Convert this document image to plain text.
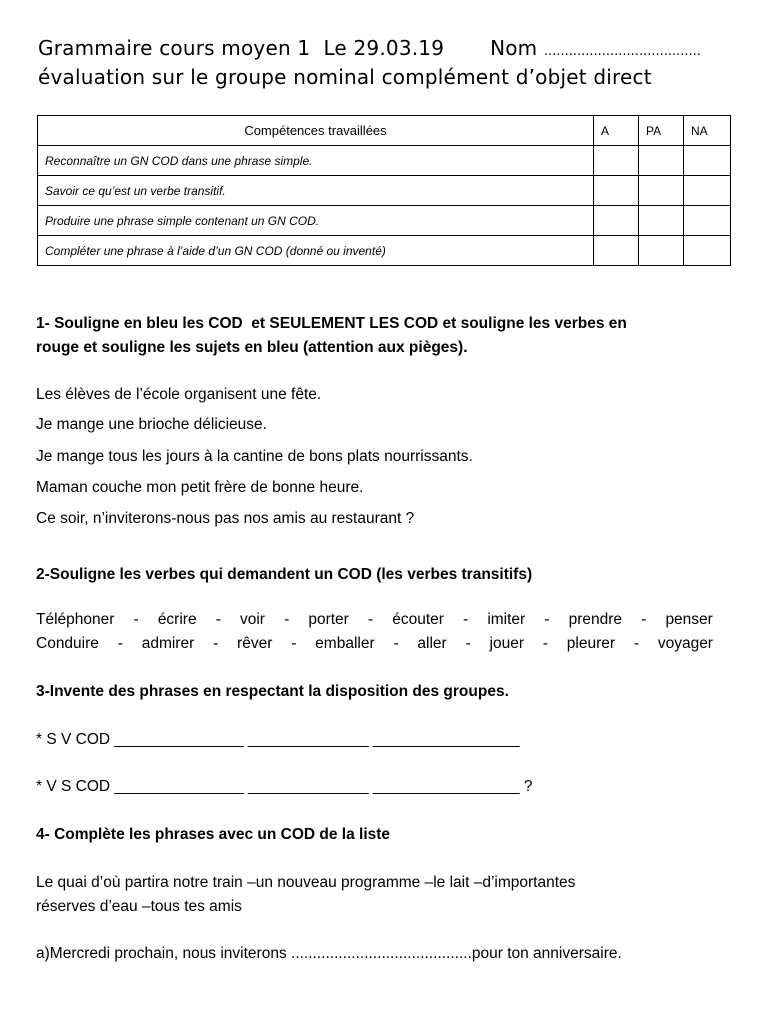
Grammaire cours moyen 1  Le 29.03.19 Nom ......................................
évaluation sur le groupe nominal complément d’objet direct
Compétences travaillées	A	PA	NA
Reconnaître un GN COD dans une phrase simple.			
Savoir ce qu’est un verbe transitif.			
Produire une phrase simple contenant un GN COD.			
Compléter une phrase à l’aide d’un GN COD (donné ou inventé)			
1- Souligne en bleu les COD  et SEULEMENT LES COD et souligne les verbes en
rouge et souligne les sujets en bleu (attention aux pièges).
Les élèves de l’école organisent une fête.
Je mange une brioche délicieuse.
Je mange tous les jours à la cantine de bons plats nourrissants.
Maman couche mon petit frère de bonne heure.
Ce soir, n’inviterons-nous pas nos amis au restaurant ?
2-Souligne les verbes qui demandent un COD (les verbes transitifs)
Téléphoner - écrire - voir - porter - écouter - imiter - prendre - penser
Conduire - admirer - rêver - emballer - aller - jouer - pleurer - voyager
3-Invente des phrases en respectant la disposition des groupes.
* S V COD _______________ ______________ _________________
* V S COD _______________ ______________ _________________ ?
4- Complète les phrases avec un COD de la liste
Le quai d’où partira notre train –un nouveau programme –le lait –d’importantes
réserves d’eau –tous tes amis
a)Mercredi prochain, nous inviterons ..........................................pour ton anniversaire.
